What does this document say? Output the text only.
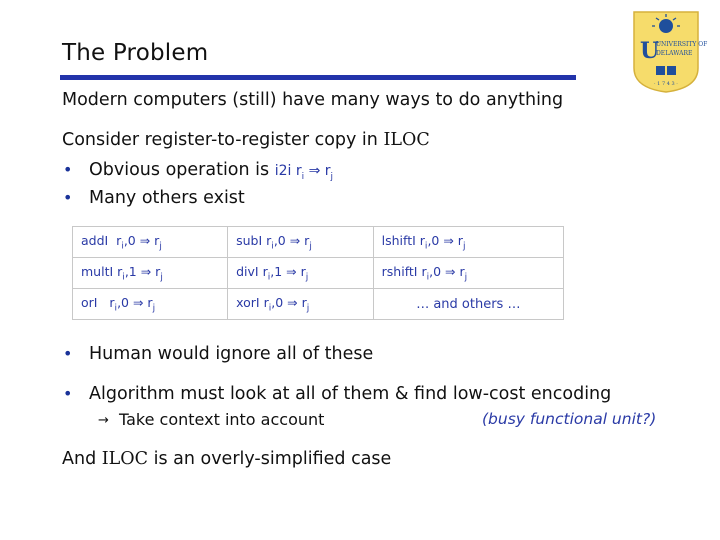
The Problem	U
UNIVERSITY OF
DELAWARE
· 1 7 4 3 ·
Modern computers (still) have many ways to do anything
Consider register-to-register copy in ILOC
• Obvious operation is i2i $r_i$ ⇒ $r_j$
• Many others exist
addI $r_i,0$ ⇒ $r_j$	subI $r_i,0$ ⇒ $r_j$	lshiftI $r_i,0$ ⇒ $r_j$
multI $r_i,1$ ⇒ $r_j$	divI $r_i,1$ ⇒ $r_j$	rshiftI $r_i,0$ ⇒ $r_j$
orI $r_i,0$ ⇒ $r_j$	xorI $r_i,0$ ⇒ $r_j$	… and others …
• Human would ignore all of these
• Algorithm must look at all of them & find low-cost encoding
→ Take context into account	(busy functional unit?)
And ILOC is an overly-simplified case
